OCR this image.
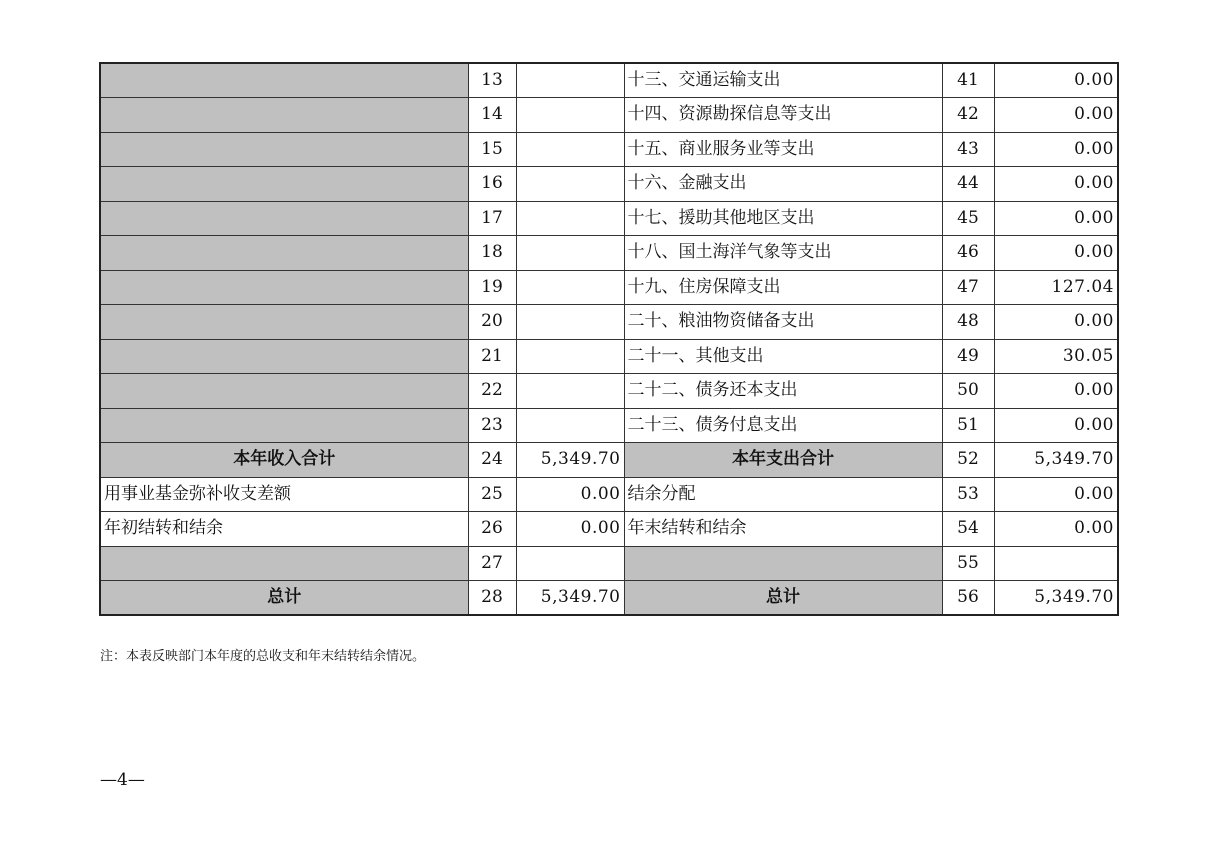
	13		十三、交通运输支出	41	0.00
	14		十四、资源勘探信息等支出	42	0.00
	15		十五、商业服务业等支出	43	0.00
	16		十六、金融支出	44	0.00
	17		十七、援助其他地区支出	45	0.00
	18		十八、国土海洋气象等支出	46	0.00
	19		十九、住房保障支出	47	127.04
	20		二十、粮油物资储备支出	48	0.00
	21		二十一、其他支出	49	30.05
	22		二十二、债务还本支出	50	0.00
	23		二十三、债务付息支出	51	0.00
本年收入合计	24	5,349.70	本年支出合计	52	5,349.70
用事业基金弥补收支差额	25	0.00	结余分配	53	0.00
年初结转和结余	26	0.00	年末结转和结余	54	0.00
	27			55	
总计	28	5,349.70	总计	56	5,349.70
注：本表反映部门本年度的总收支和年末结转结余情况。
—4—
